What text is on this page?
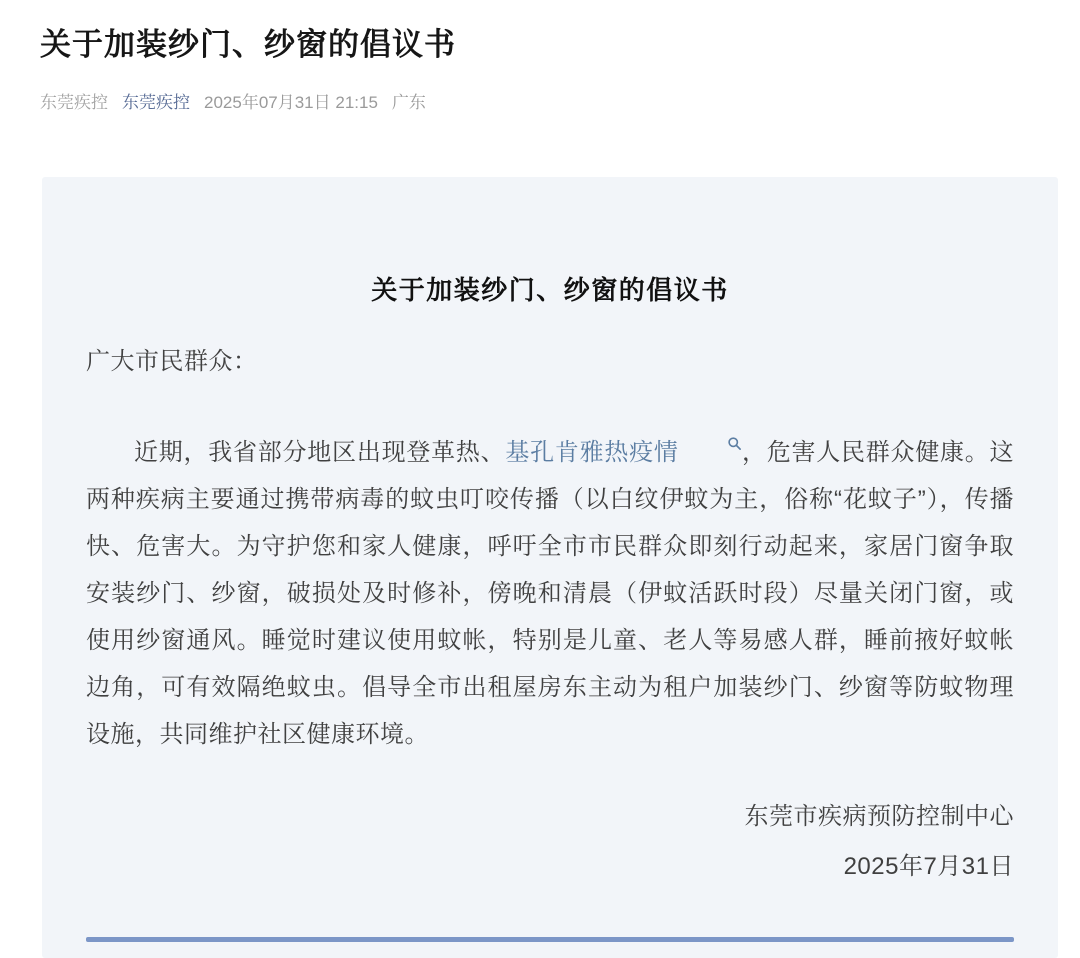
关于加装纱门、纱窗的倡议书
东莞疾控 东莞疾控 2025年07月31日 21:15 广东
关于加装纱门、纱窗的倡议书

广大市民群众：

近期，我省部分地区出现登革热、基孔肯雅热疫情	，危害人民群众健康。这两种疾病主要通过携带病毒的蚊虫叮咬传播（以白纹伊蚊为主，俗称“花蚊子”），传播快、危害大。为守护您和家人健康，呼吁全市市民群众即刻行动起来，家居门窗争取安装纱门、纱窗，破损处及时修补，傍晚和清晨（伊蚊活跃时段）尽量关闭门窗，或使用纱窗通风。睡觉时建议使用蚊帐，特别是儿童、老人等易感人群，睡前掖好蚊帐边角，可有效隔绝蚊虫。倡导全市出租屋房东主动为租户加装纱门、纱窗等防蚊物理设施，共同维护社区健康环境。

东莞市疾病预防控制中心

2025年7月31日
